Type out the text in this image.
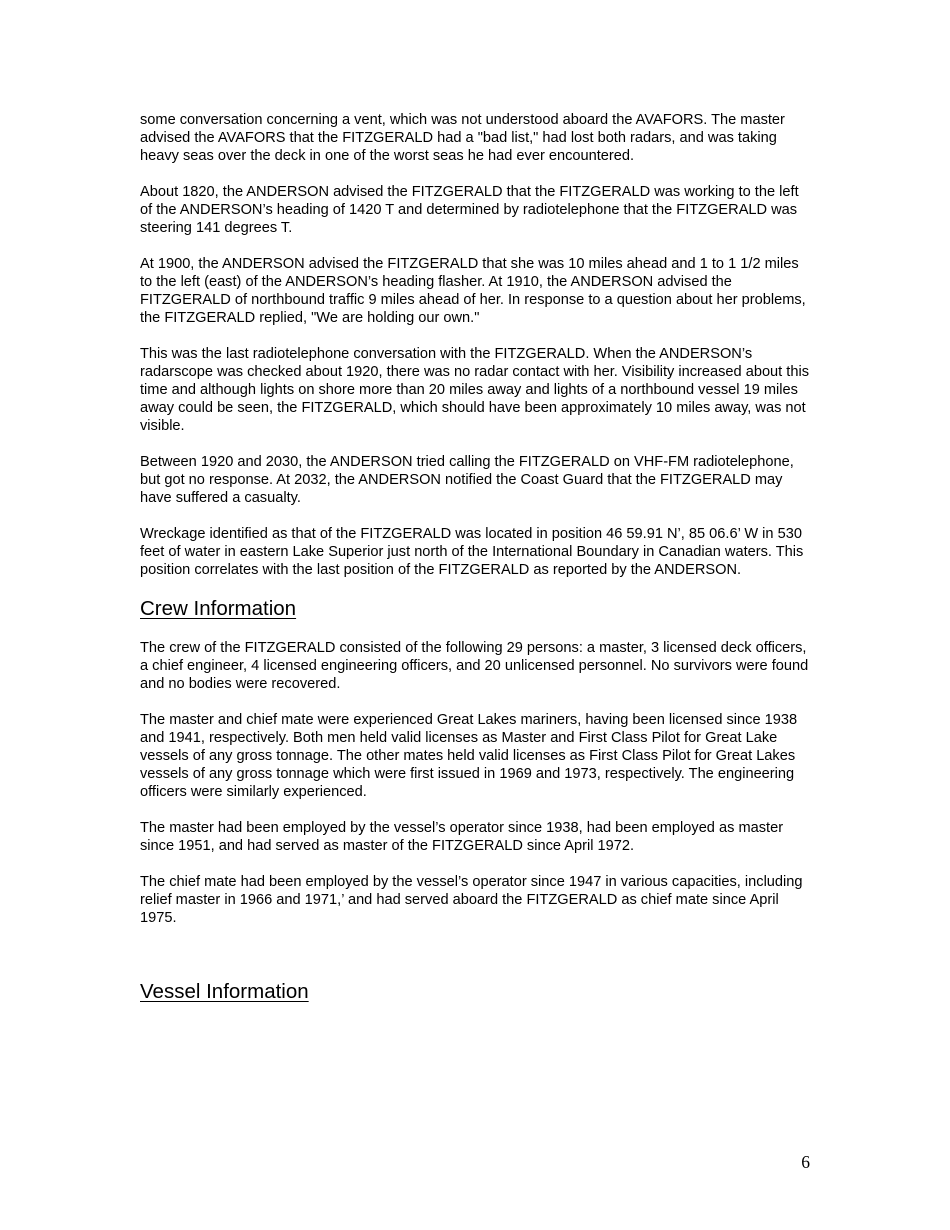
some conversation concerning a vent, which was not understood aboard the AVAFORS. The master advised the AVAFORS that the FITZGERALD had a "bad list," had lost both radars, and was taking heavy seas over the deck in one of the worst seas he had ever encountered.

About 1820, the ANDERSON advised the FITZGERALD that the FITZGERALD was working to the left of the ANDERSON’s heading of 1420 T and determined by radiotelephone that the FITZGERALD was steering 141 degrees T.

At 1900, the ANDERSON advised the FITZGERALD that she was 10 miles ahead and 1 to 1 1/2 miles to the left (east) of the ANDERSON’s heading flasher. At 1910, the ANDERSON advised the FITZGERALD of northbound traffic 9 miles ahead of her. In response to a question about her problems, the FITZGERALD replied, "We are holding our own."

This was the last radiotelephone conversation with the FITZGERALD. When the ANDERSON’s radarscope was checked about 1920, there was no radar contact with her. Visibility increased about this time and although lights on shore more than 20 miles away and lights of a northbound vessel 19 miles away could be seen, the FITZGERALD, which should have been approximately 10 miles away, was not visible.

Between 1920 and 2030, the ANDERSON tried calling the FITZGERALD on VHF-FM radiotelephone, but got no response. At 2032, the ANDERSON notified the Coast Guard that the FITZGERALD may have suffered a casualty.

Wreckage identified as that of the FITZGERALD was located in position 46 59.91 N’, 85 06.6’ W in 530 feet of water in eastern Lake Superior just north of the International Boundary in Canadian waters. This position correlates with the last position of the FITZGERALD as reported by the ANDERSON.

Crew Information

The crew of the FITZGERALD consisted of the following 29 persons: a master, 3 licensed deck officers, a chief engineer, 4 licensed engineering officers, and 20 unlicensed personnel. No survivors were found and no bodies were recovered.

The master and chief mate were experienced Great Lakes mariners, having been licensed since 1938 and 1941, respectively. Both men held valid licenses as Master and First Class Pilot for Great Lake vessels of any gross tonnage. The other mates held valid licenses as First Class Pilot for Great Lakes vessels of any gross tonnage which were first issued in 1969 and 1973, respectively. The engineering officers were similarly experienced.

The master had been employed by the vessel’s operator since 1938, had been employed as master since 1951, and had served as master of the FITZGERALD since April 1972.

The chief mate had been employed by the vessel’s operator since 1947 in various capacities, including relief master in 1966 and 1971,’ and had served aboard the FITZGERALD as chief mate since April 1975.

Vessel Information
6
